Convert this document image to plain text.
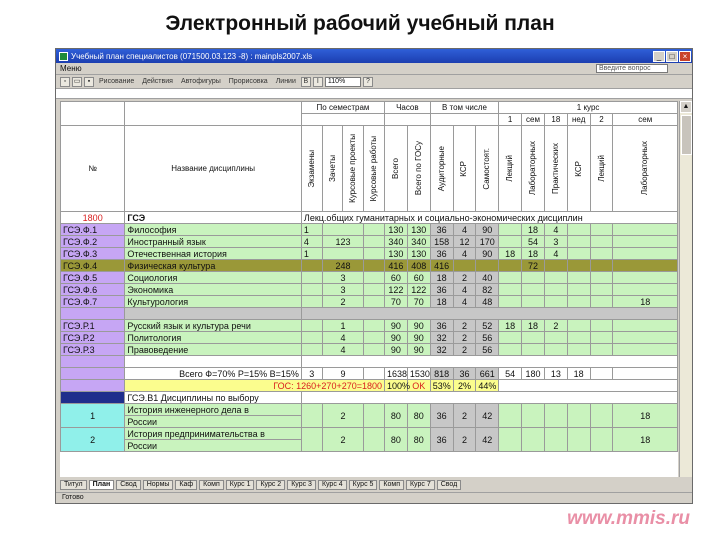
Электронный рабочий учебный план
Учебный план специалистов (071500.03.123 -8) : mainpls2007.xls	_	□	×
Меню	Введите вопрос
▫	▭	▪	Рисование	Действия	Автофигуры	Прорисовка	Линии	B	I	110%	?
		По семестрам				Часов		В том числе			1 курс					
											1	сем	18	нед	2	сем
№	Название дисциплины	Экзамены	Зачеты	Курсовые проекты	Курсовые работы	Всего	Всего по ГОСу	Аудиторные	КСР	Самостоят.	Лекций	Лабораторных	Практических	КСР	Лекций	Лабораторных

1800	ГСЭ	Лекц.общих гуманитарных и социально-экономических дисциплин														
ГСЭ.Ф.1	Философия	1				130	130	36	4	90		18	4			
ГСЭ.Ф.2	Иностранный язык	4	123			340	340	158	12	170		54	3			
ГСЭ.Ф.3	Отечественная история	1				130	130	36	4	90	18	18	4			
ГСЭ.Ф.4	Физическая культура		248			416	408	416				72				
ГСЭ.Ф.5	Социология		3			60	60	18	2	40						
ГСЭ.Ф.6	Экономика		3			122	122	36	4	82						
ГСЭ.Ф.7	Культурология		2			70	70	18	4	48						18

ГСЭ.Р.1	Русский язык и культура речи		1			90	90	36	2	52	18	18	2			
ГСЭ.Р.2	Политология		4			90	90	32	2	56						
ГСЭ.Р.3	Правоведение		4			90	90	32	2	56						

	Всего Ф=70% Р=15% В=15%	3	9			1638	1530	818	36	661	54	180	13	18		
	ГОС: 1260+270+270=1800					100%	OK	53%	2%	44%						
	ГСЭ.В1 Дисциплины по выбору															
1	История инженерного дела в		2			80	80	36	2	42						18
	России															
2	История предпринимательства в		2			80	80	36	2	42						18
	России															
▲
Титул	План	Свод	Нормы	Каф	Комп	Курс 1	Курс 2	Курс 3	Курс 4	Курс 5	Комп	Курс 7	Свод
Готово
www.mmis.ru
